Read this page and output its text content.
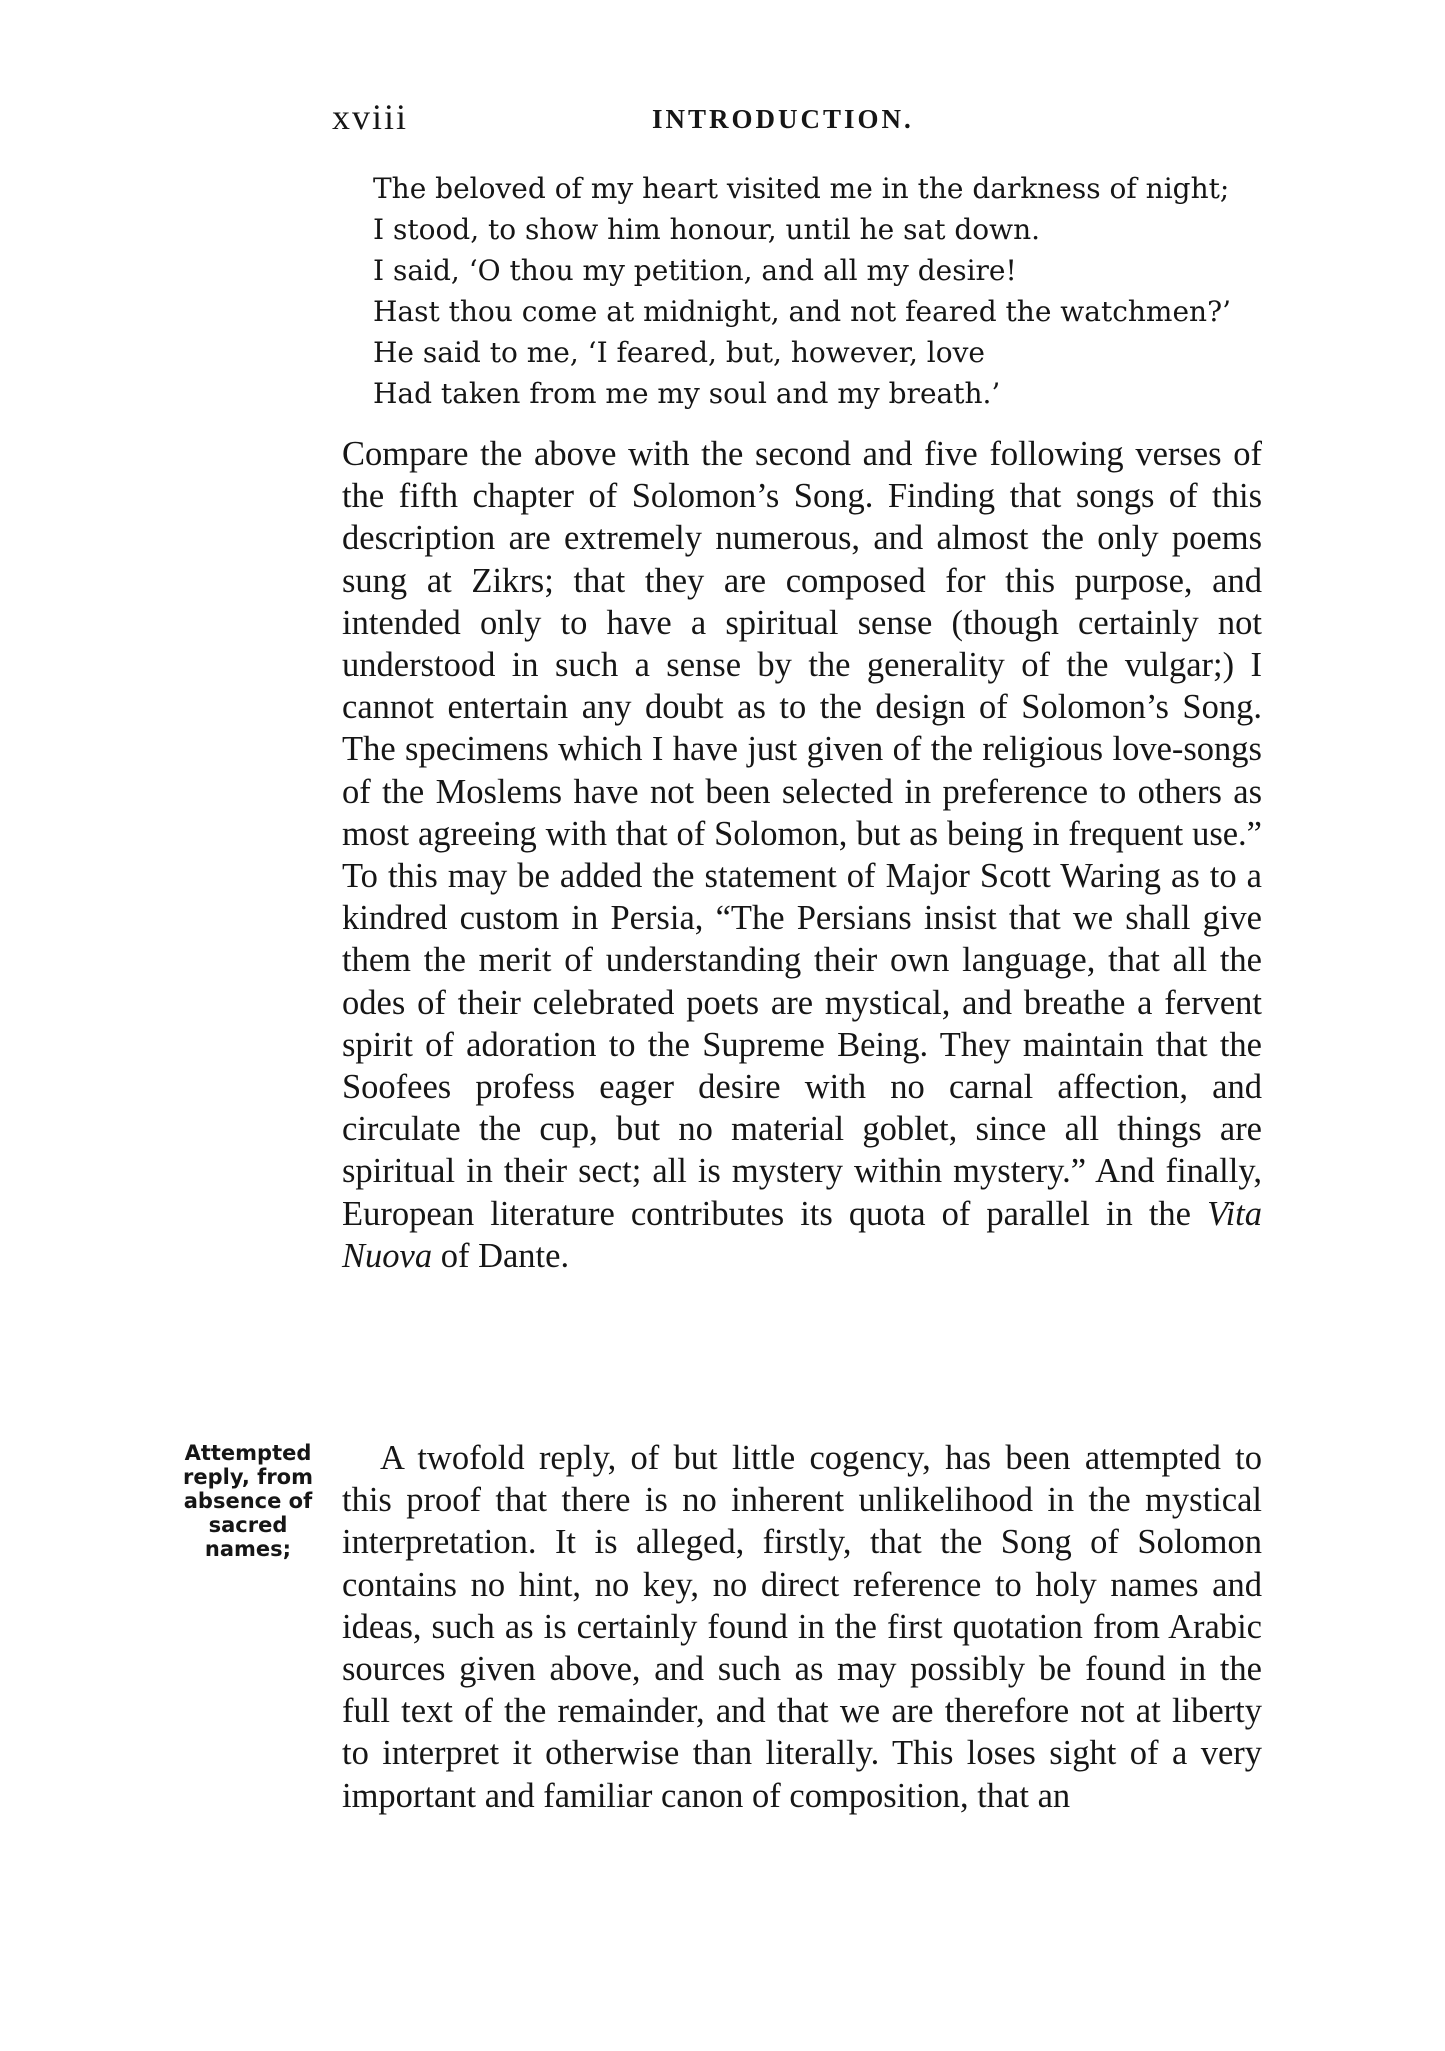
xviii	INTRODUCTION.
The beloved of my heart visited me in the darkness of night;
I stood, to show him honour, until he sat down.
I said, ‘O thou my petition, and all my desire!
Hast thou come at midnight, and not feared the watchmen?’
He said to me, ‘I feared, but, however, love
Had taken from me my soul and my breath.’
Compare the above with the second and five following verses of the fifth chapter of Solomon’s Song. Finding that songs of this description are extremely numerous, and almost the only poems sung at Zikrs; that they are composed for this purpose, and intended only to have a spiritual sense (though certainly not understood in such a sense by the generality of the vulgar;) I cannot entertain any doubt as to the design of Solomon’s Song. The specimens which I have just given of the religious love-songs of the Moslems have not been selected in preference to others as most agreeing with that of Solomon, but as being in frequent use.” To this may be added the statement of Major Scott Waring as to a kindred custom in Persia, “The Persians insist that we shall give them the merit of understanding their own language, that all the odes of their celebrated poets are mystical, and breathe a fervent spirit of adoration to the Supreme Being. They maintain that the Soofees profess eager desire with no carnal affection, and circulate the cup, but no material goblet, since all things are spiritual in their sect; all is mystery within mystery.” And finally, European literature contributes its quota of parallel in the Vita Nuova of Dante.
Attempted reply, from absence of sacred names;
A twofold reply, of but little cogency, has been attempted to this proof that there is no inherent unlikelihood in the mystical interpretation. It is alleged, firstly, that the Song of Solomon contains no hint, no key, no direct reference to holy names and ideas, such as is certainly found in the first quotation from Arabic sources given above, and such as may possibly be found in the full text of the remainder, and that we are therefore not at liberty to interpret it otherwise than literally. This loses sight of a very important and familiar canon of composition, that an
